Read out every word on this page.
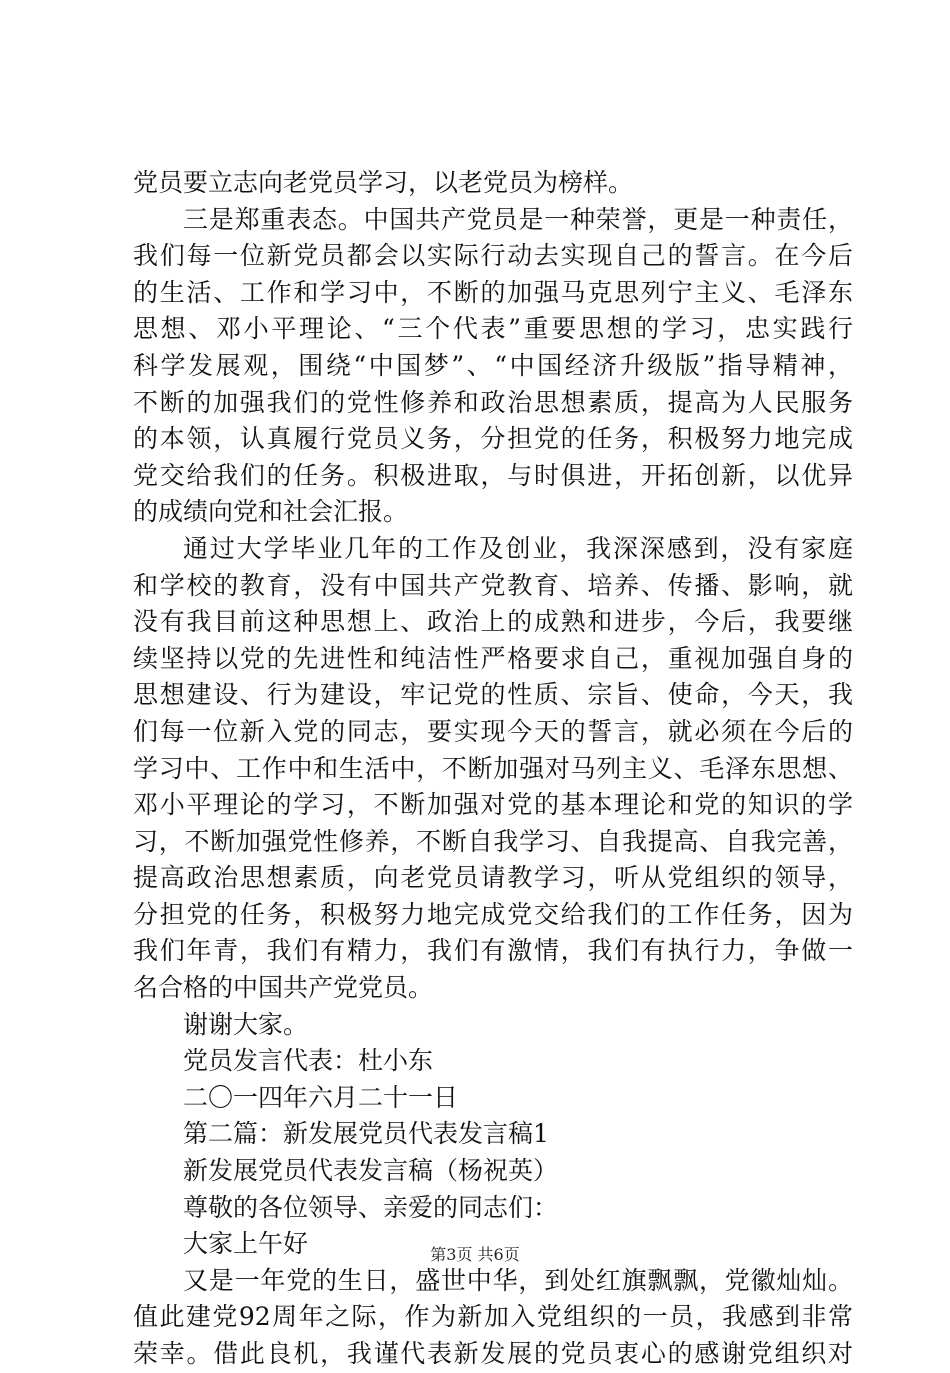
党员要立志向老党员学习，以老党员为榜样。
三是郑重表态。中国共产党员是一种荣誉，更是一种责任，
我们每一位新党员都会以实际行动去实现自己的誓言。在今后
的生活、工作和学习中，不断的加强马克思列宁主义、毛泽东
思想、邓小平理论、“三个代表”重要思想的学习，忠实践行
科学发展观，围绕“中国梦”、“中国经济升级版”指导精神，
不断的加强我们的党性修养和政治思想素质，提高为人民服务
的本领，认真履行党员义务，分担党的任务，积极努力地完成
党交给我们的任务。积极进取，与时俱进，开拓创新，以优异
的成绩向党和社会汇报。
通过大学毕业几年的工作及创业，我深深感到，没有家庭
和学校的教育，没有中国共产党教育、培养、传播、影响，就
没有我目前这种思想上、政治上的成熟和进步，今后，我要继
续坚持以党的先进性和纯洁性严格要求自己，重视加强自身的
思想建设、行为建设，牢记党的性质、宗旨、使命，今天，我
们每一位新入党的同志，要实现今天的誓言，就必须在今后的
学习中、工作中和生活中，不断加强对马列主义、毛泽东思想、
邓小平理论的学习，不断加强对党的基本理论和党的知识的学
习，不断加强党性修养，不断自我学习、自我提高、自我完善，
提高政治思想素质，向老党员请教学习，听从党组织的领导，
分担党的任务，积极努力地完成党交给我们的工作任务，因为
我们年青，我们有精力，我们有激情，我们有执行力，争做一
名合格的中国共产党党员。
谢谢大家。
党员发言代表：杜小东
二〇一四年六月二十一日
第二篇：新发展党员代表发言稿1
新发展党员代表发言稿（杨祝英）
尊敬的各位领导、亲爱的同志们：
大家上午好
又是一年党的生日，盛世中华，到处红旗飘飘，党徽灿灿。
值此建党92周年之际，作为新加入党组织的一员，我感到非常
荣幸。借此良机，我谨代表新发展的党员衷心的感谢党组织对
第3页 共6页
